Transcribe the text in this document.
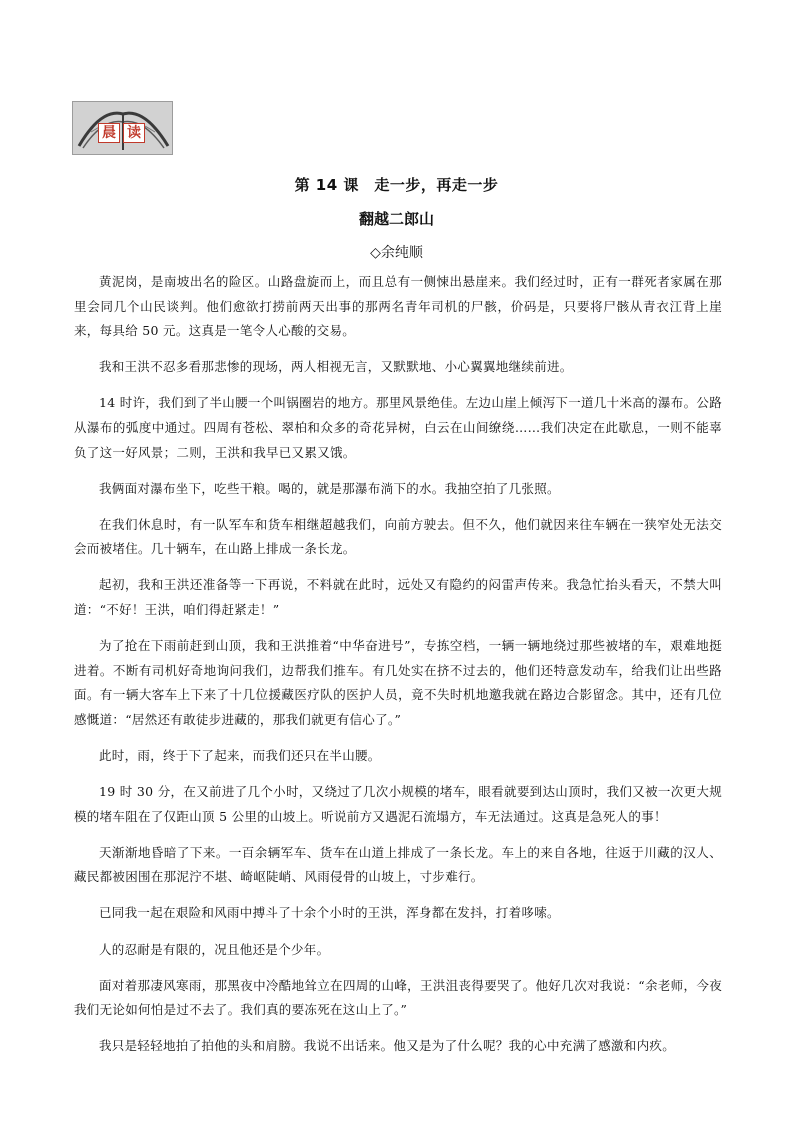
晨 读
第 14 课　走一步，再走一步
翻越二郎山
◇余纯顺

黄泥岗，是南坡出名的险区。山路盘旋而上，而且总有一侧悚出悬崖来。我们经过时，正有一群死者家属在那里会同几个山民谈判。他们愈欲打捞前两天出事的那两名青年司机的尸骸，价码是，只要将尸骸从青衣江背上崖来，每具给 50 元。这真是一笔令人心酸的交易。

我和王洪不忍多看那悲惨的现场，两人相视无言，又默默地、小心翼翼地继续前进。

14 时许，我们到了半山腰一个叫锅圈岩的地方。那里风景绝佳。左边山崖上倾泻下一道几十米高的瀑布。公路从瀑布的弧度中通过。四周有苍松、翠柏和众多的奇花异树，白云在山间缭绕……我们决定在此歇息，一则不能辜负了这一好风景；二则，王洪和我早已又累又饿。

我俩面对瀑布坐下，吃些干粮。喝的，就是那瀑布淌下的水。我抽空拍了几张照。

在我们休息时，有一队军车和货车相继超越我们，向前方驶去。但不久，他们就因来往车辆在一狭窄处无法交会而被堵住。几十辆车，在山路上排成一条长龙。

起初，我和王洪还准备等一下再说，不料就在此时，远处又有隐约的闷雷声传来。我急忙抬头看天，不禁大叫道：“不好！王洪，咱们得赶紧走！”

为了抢在下雨前赶到山顶，我和王洪推着“中华奋进号”，专拣空档，一辆一辆地绕过那些被堵的车，艰难地挺进着。不断有司机好奇地询问我们，边帮我们推车。有几处实在挤不过去的，他们还特意发动车，给我们让出些路面。有一辆大客车上下来了十几位援藏医疗队的医护人员，竟不失时机地邀我就在路边合影留念。其中，还有几位感慨道：“居然还有敢徒步进藏的，那我们就更有信心了。”

此时，雨，终于下了起来，而我们还只在半山腰。

19 时 30 分，在又前进了几个小时，又绕过了几次小规模的堵车，眼看就要到达山顶时，我们又被一次更大规模的堵车阻在了仅距山顶 5 公里的山坡上。听说前方又遇泥石流塌方，车无法通过。这真是急死人的事！

天渐渐地昏暗了下来。一百余辆军车、货车在山道上排成了一条长龙。车上的来自各地，往返于川藏的汉人、藏民都被困围在那泥泞不堪、崎岖陡峭、风雨侵骨的山坡上，寸步难行。

已同我一起在艰险和风雨中搏斗了十余个小时的王洪，浑身都在发抖，打着哆嗦。

人的忍耐是有限的，况且他还是个少年。

面对着那凄风寒雨，那黑夜中冷酷地耸立在四周的山峰，王洪沮丧得要哭了。他好几次对我说：“余老师，今夜我们无论如何怕是过不去了。我们真的要冻死在这山上了。”

我只是轻轻地拍了拍他的头和肩膀。我说不出话来。他又是为了什么呢？我的心中充满了感激和内疚。
